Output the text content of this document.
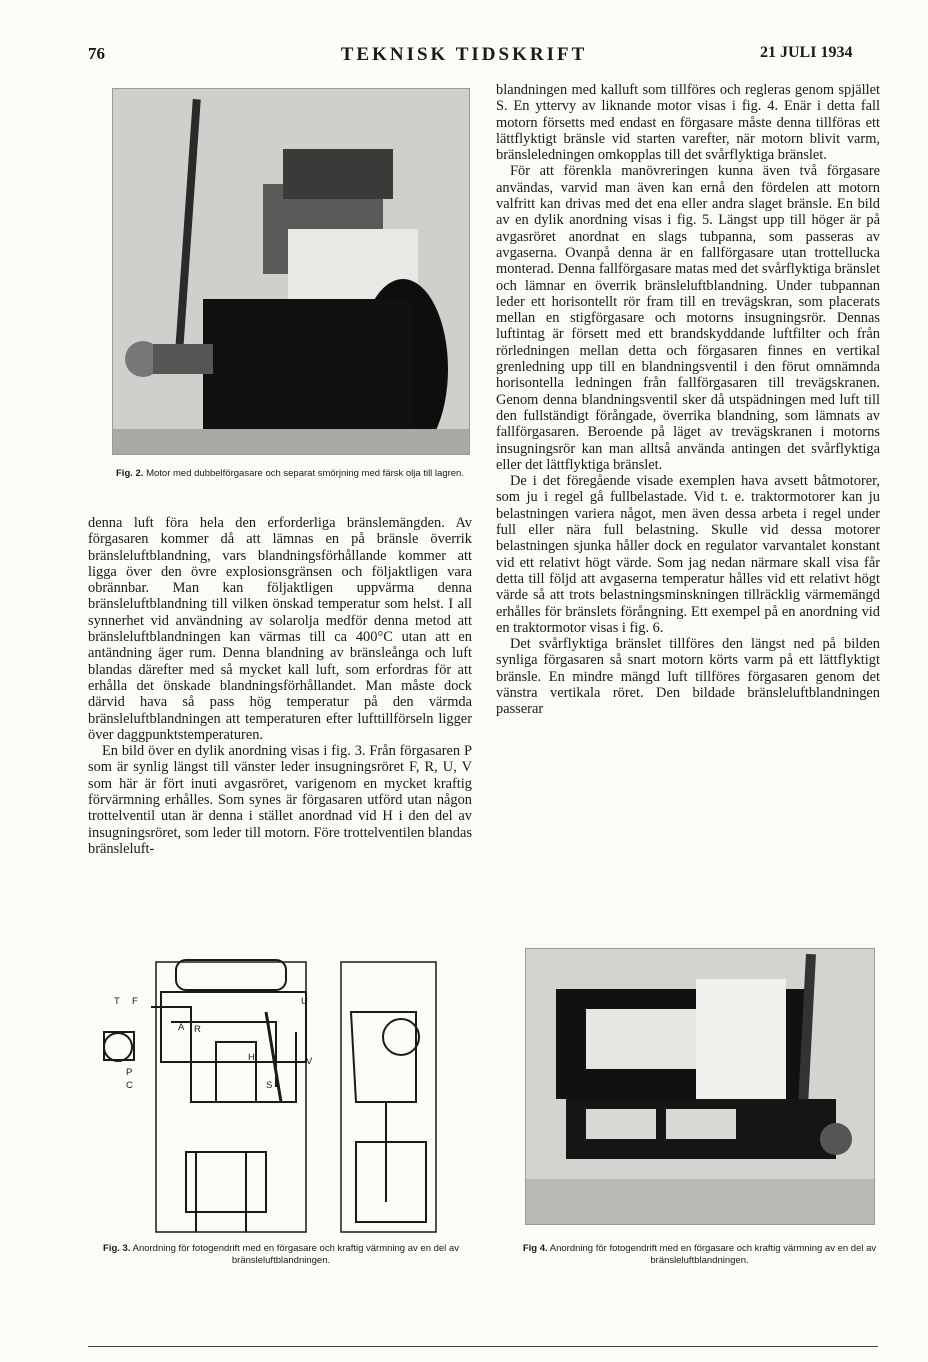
76	TEKNISK TIDSKRIFT	21 JULI 1934
Fig. 2. Motor med dubbelförgasare och separat smörjning med färsk olja till lagren.

denna luft föra hela den erforderliga bränslemängden. Av förgasaren kommer då att lämnas en på bränsle överrik bränsleluftblandning, vars blandningsförhållande kommer att ligga över den övre explosionsgränsen och följaktligen vara obrännbar. Man kan följaktligen uppvärma denna bränsleluftblandning till vilken önskad temperatur som helst. I all synnerhet vid användning av solarolja medför denna metod att bränsleluftblandningen kan värmas till ca 400°C utan att en antändning äger rum. Denna blandning av bränsleånga och luft blandas därefter med så mycket kall luft, som erfordras för att erhålla det önskade blandningsförhållandet. Man måste dock därvid hava så pass hög temperatur på den värmda bränsleluftblandningen att temperaturen efter lufttillförseln ligger över daggpunktstemperaturen.

En bild över en dylik anordning visas i fig. 3. Från förgasaren P som är synlig längst till vänster leder insugningsröret F, R, U, V som här är fört inuti avgasröret, varigenom en mycket kraftig förvärmning erhålles. Som synes är förgasaren utförd utan någon trottelventil utan är denna i stället anordnad vid H i den del av insugningsröret, som leder till motorn. Före trottelventilen blandas bränsleluft-

blandningen med kalluft som tillföres och regleras genom spjället S. En yttervy av liknande motor visas i fig. 4. Enär i detta fall motorn försetts med endast en förgasare måste denna tillföras ett lättflyktigt bränsle vid starten varefter, när motorn blivit varm, bränsleledningen omkopplas till det svårflyktiga bränslet.

För att förenkla manövreringen kunna även två förgasare användas, varvid man även kan ernå den fördelen att motorn valfritt kan drivas med det ena eller andra slaget bränsle. En bild av en dylik anordning visas i fig. 5. Längst upp till höger är på avgasröret anordnat en slags tubpanna, som passeras av avgaserna. Ovanpå denna är en fallförgasare utan trottellucka monterad. Denna fallförgasare matas med det svårflyktiga bränslet och lämnar en överrik bränsleluftblandning. Under tubpannan leder ett horisontellt rör fram till en trevägskran, som placerats mellan en stigförgasare och motorns insugningsrör. Dennas luftintag är försett med ett brandskyddande luftfilter och från rörledningen mellan detta och förgasaren finnes en vertikal grenledning upp till en blandningsventil i den förut omnämnda horisontella ledningen från fallförgasaren till trevägskranen. Genom denna blandningsventil sker då utspädningen med luft till den fullständigt förångade, överrika blandning, som lämnats av fallförgasaren. Beroende på läget av trevägskranen i motorns insugningsrör kan man alltså använda antingen det svårflyktiga eller det lättflyktiga bränslet.

De i det föregående visade exemplen hava avsett båtmotorer, som ju i regel gå fullbelastade. Vid t. e. traktormotorer kan ju belastningen variera något, men även dessa arbeta i regel under full eller nära full belastning. Skulle vid dessa motorer belastningen sjunka håller dock en regulator varvantalet konstant vid ett relativt högt värde. Som jag nedan närmare skall visa får detta till följd att avgaserna temperatur hålles vid ett relativt högt värde så att trots belastningsminskningen tillräcklig värmemängd erhålles för bränslets förångning. Ett exempel på en anordning vid en traktormotor visas i fig. 6.

Det svårflyktiga bränslet tillföres den längst ned på bilden synliga förgasaren så snart motorn körts varm på ett lättflyktigt bränsle. En mindre mängd luft tillföres förgasaren genom det vänstra vertikala röret. Den bildade bränsleluftblandningen passerar

T F	U
R
A
P
C
H
S
V
Fig. 3. Anordning för fotogendrift med en förgasare och kraftig värmning av en del av bränsleluftblandningen.
Fig 4. Anordning för fotogendrift med en förgasare och kraftig värmning av en del av bränsleluftblandningen.
